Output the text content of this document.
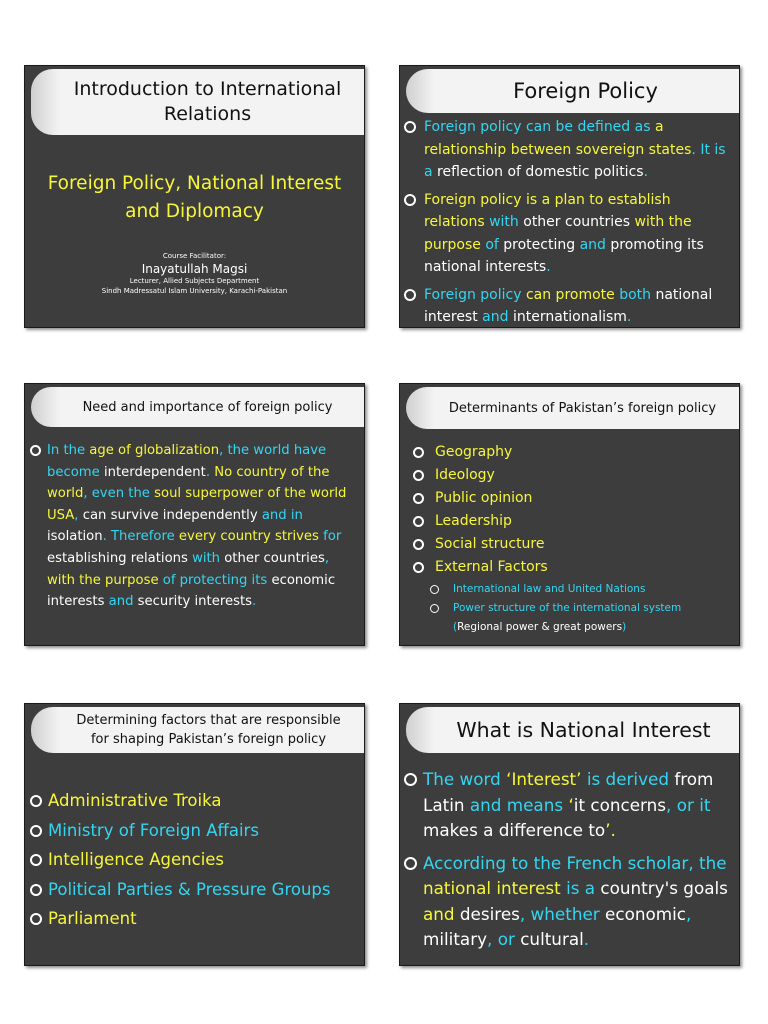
Introduction to International Relations
Foreign Policy, National Interest
and Diplomacy
Course Facilitator:
Inayatullah Magsi
Lecturer, Allied Subjects Department
Sindh Madressatul Islam University, Karachi-Pakistan
Foreign Policy
Foreign policy can be defined as a relationship between sovereign states. It is a reflection of domestic politics.
Foreign policy is a plan to establish relations with other countries with the purpose of protecting and promoting its national interests.
Foreign policy can promote both national interest and internationalism.
Need and importance of foreign policy
In the age of globalization, the world have become interdependent. No country of the world, even the soul superpower of the world USA, can survive independently and in isolation. Therefore every country strives for establishing relations with other countries, with the purpose of protecting its economic interests and security interests.
Determinants of Pakistan’s foreign policy
Geography
Ideology
Public opinion
Leadership
Social structure
External Factors
International law and United Nations
Power structure of the international system
(Regional power & great powers)
Determining factors that are responsible
for shaping Pakistan’s foreign policy
Administrative Troika
Ministry of Foreign Affairs
Intelligence Agencies
Political Parties & Pressure Groups
Parliament
What is National Interest
The word ‘Interest’ is derived from Latin and means ‘it concerns, or it makes a difference to’.
According to the French scholar, the national interest is a country's goals and desires, whether economic, military, or cultural.
